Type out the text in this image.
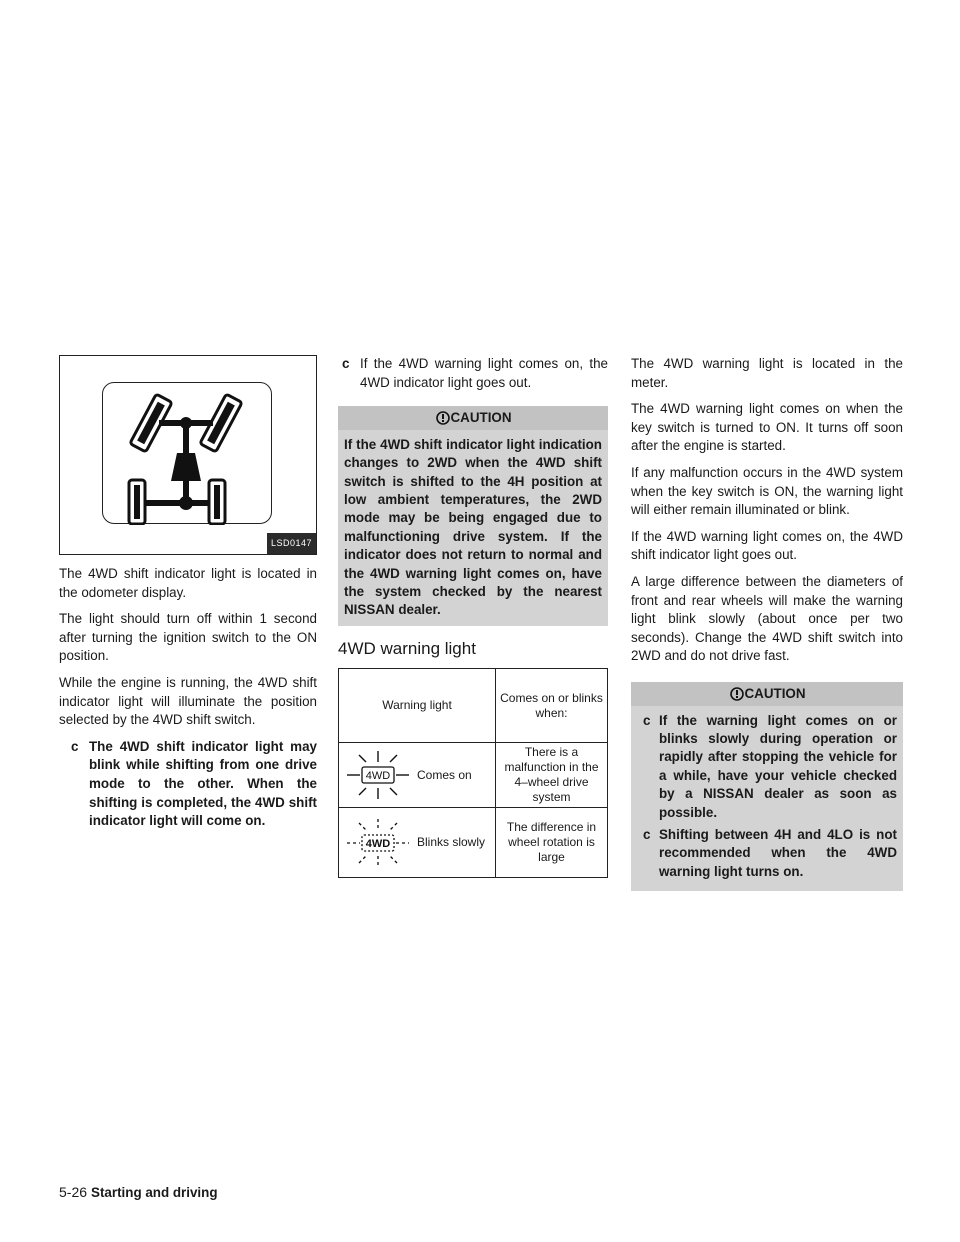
LSD0147

The 4WD shift indicator light is located in the odometer display.

The light should turn off within 1 second after turning the ignition switch to the ON position.

While the engine is running, the 4WD shift indicator light will illuminate the position selected by the 4WD shift switch.

c The 4WD shift indicator light may blink while shifting from one drive mode to the other. When the shifting is completed, the 4WD shift indicator light will come on.
c If the 4WD warning light comes on, the 4WD indicator light goes out.
CAUTION
If the 4WD shift indicator light indication changes to 2WD when the 4WD shift switch is shifted to the 4H position at low ambient temperatures, the 2WD mode may be being engaged due to malfunctioning drive system. If the indicator does not return to normal and the 4WD warning light comes on, have the system checked by the nearest NISSAN dealer.
4WD warning light
Warning light	Comes on or blinks when:

4WD Comes on	There is a malfunction in the 4–wheel drive system

4WD Blinks slowly	The difference in wheel rotation is large

The 4WD warning light is located in the meter.

The 4WD warning light comes on when the key switch is turned to ON. It turns off soon after the engine is started.

If any malfunction occurs in the 4WD system when the key switch is ON, the warning light will either remain illuminated or blink.

If the 4WD warning light comes on, the 4WD shift indicator light goes out.

A large difference between the diameters of front and rear wheels will make the warning light blink slowly (about once per two seconds). Change the 4WD shift switch into 2WD and do not drive fast.

CAUTION
c If the warning light comes on or blinks slowly during operation or rapidly after stopping the vehicle for a while, have your vehicle checked by a NISSAN dealer as soon as possible.
c Shifting between 4H and 4LO is not recommended when the 4WD warning light turns on.
5-26 Starting and driving
